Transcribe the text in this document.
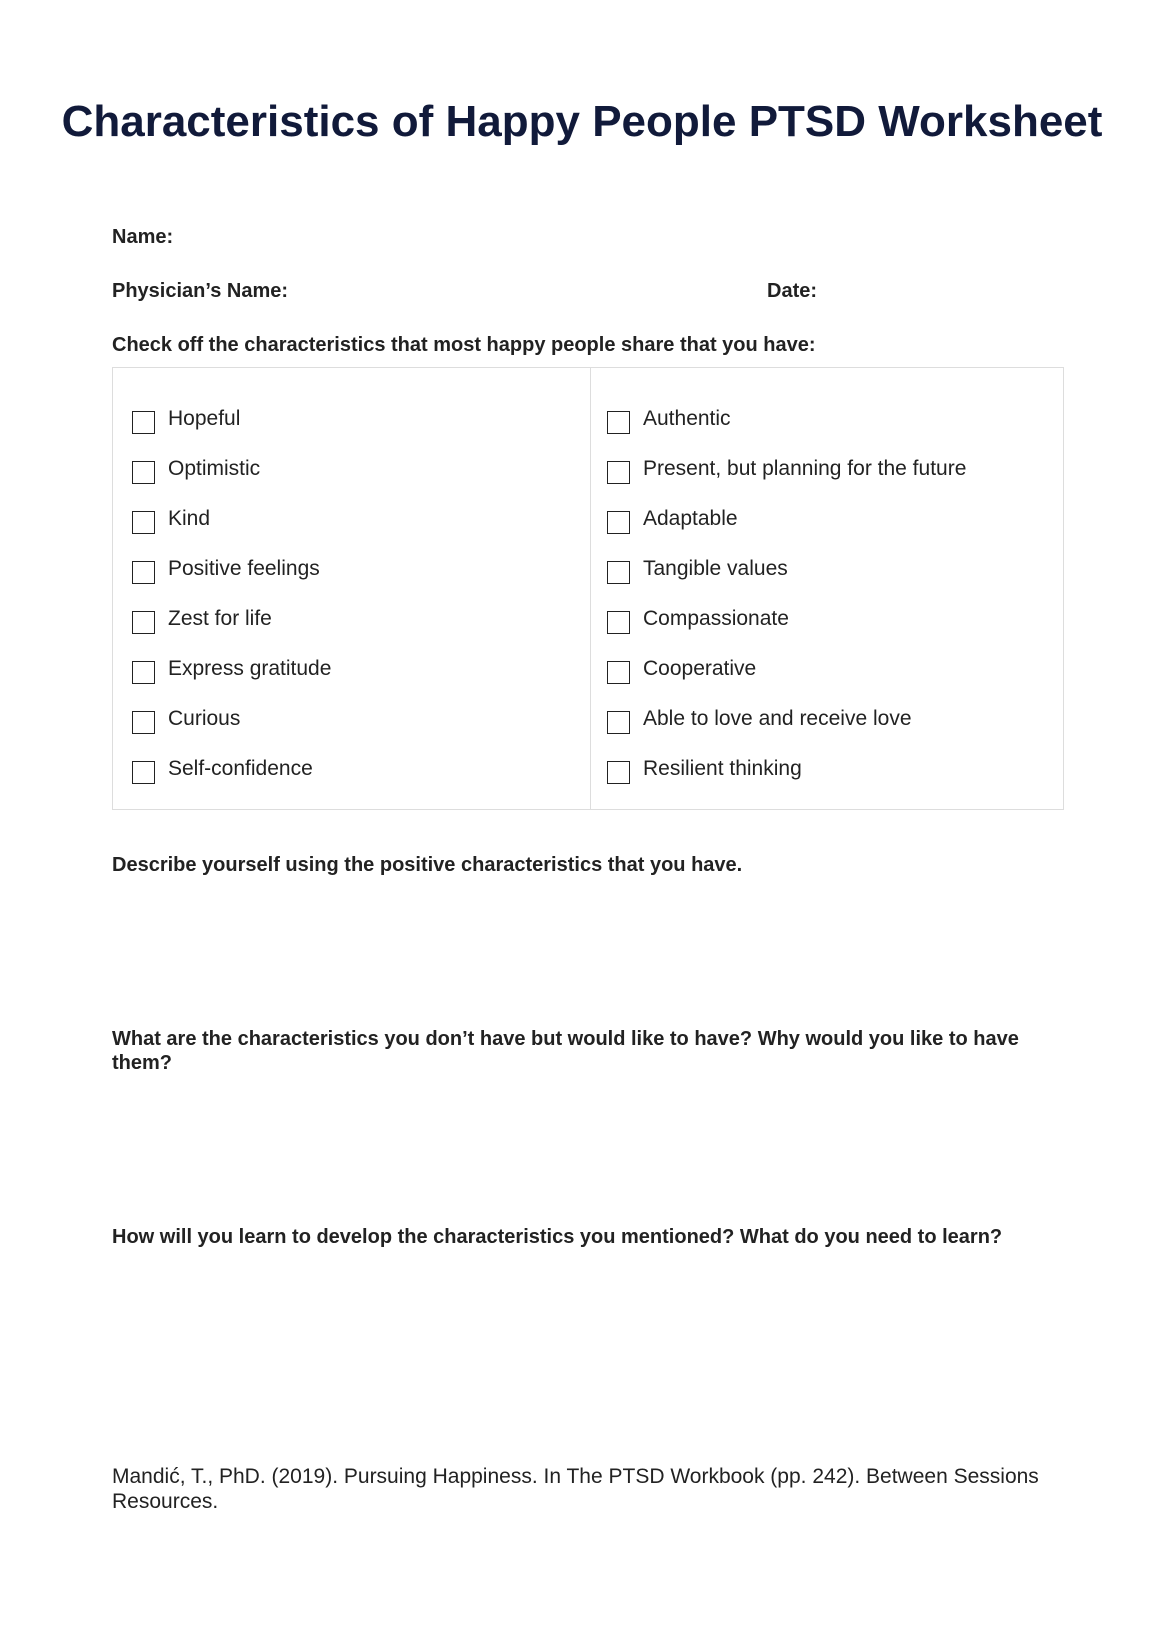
Characteristics of Happy People PTSD Worksheet
Name:
Physician’s Name:	Date:
Check off the characteristics that most happy people share that you have:
Hopeful
Optimistic
Kind
Positive feelings
Zest for life
Express gratitude
Curious
Self-confidence
Authentic
Present, but planning for the future
Adaptable
Tangible values
Compassionate
Cooperative
Able to love and receive love
Resilient thinking
Describe yourself using the positive characteristics that you have.
What are the characteristics you don’t have but would like to have? Why would you like to have them?
How will you learn to develop the characteristics you mentioned? What do you need to learn?
Mandić, T., PhD. (2019). Pursuing Happiness. In The PTSD Workbook (pp. 242). Between Sessions Resources.
